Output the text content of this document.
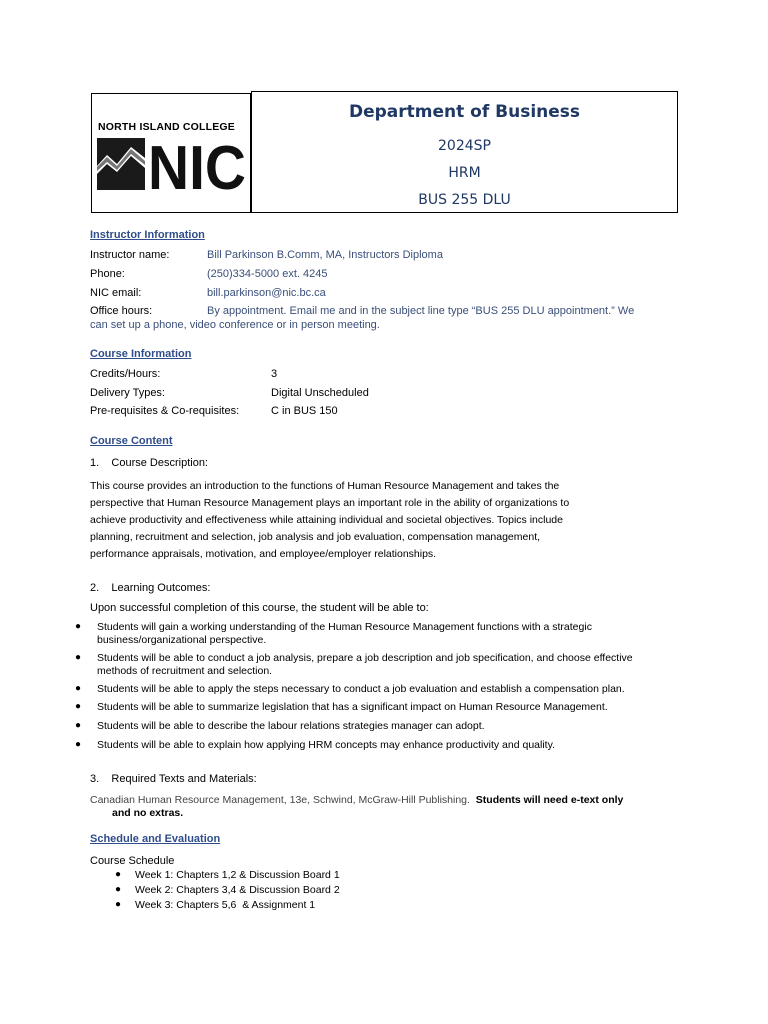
NORTH ISLAND COLLEGE
NIC
Department of Business
2024SP
HRM
BUS 255 DLU
Instructor Information
Instructor name:	Bill Parkinson B.Comm, MA, Instructors Diploma
Phone:	(250)334-5000 ext. 4245
NIC email:	bill.parkinson@nic.bc.ca
Office hours:	By appointment. Email me and in the subject line type “BUS 255 DLU appointment.” We
can set up a phone, video conference or in person meeting.
Course Information
Credits/Hours:	3
Delivery Types:	Digital Unscheduled
Pre-requisites & Co-requisites:	C in BUS 150
Course Content
1.    Course Description:
This course provides an introduction to the functions of Human Resource Management and takes the
perspective that Human Resource Management plays an important role in the ability of organizations to
achieve productivity and effectiveness while attaining individual and societal objectives. Topics include
planning, recruitment and selection, job analysis and job evaluation, compensation management,
performance appraisals, motivation, and employee/employer relationships.
2.    Learning Outcomes:
Upon successful completion of this course, the student will be able to:
● Students will gain a working understanding of the Human Resource Management functions with a strategic
business/organizational perspective.
● Students will be able to conduct a job analysis, prepare a job description and job specification, and choose effective
methods of recruitment and selection.
● Students will be able to apply the steps necessary to conduct a job evaluation and establish a compensation plan.
● Students will be able to summarize legislation that has a significant impact on Human Resource Management.
● Students will be able to describe the labour relations strategies manager can adopt.
● Students will be able to explain how applying HRM concepts may enhance productivity and quality.
3.    Required Texts and Materials:
Canadian Human Resource Management, 13e, Schwind, McGraw-Hill Publishing. Students will need e-text only
and no extras.
Schedule and Evaluation
Course Schedule
● Week 1: Chapters 1,2 & Discussion Board 1
● Week 2: Chapters 3,4 & Discussion Board 2
● Week 3: Chapters 5,6  & Assignment 1
